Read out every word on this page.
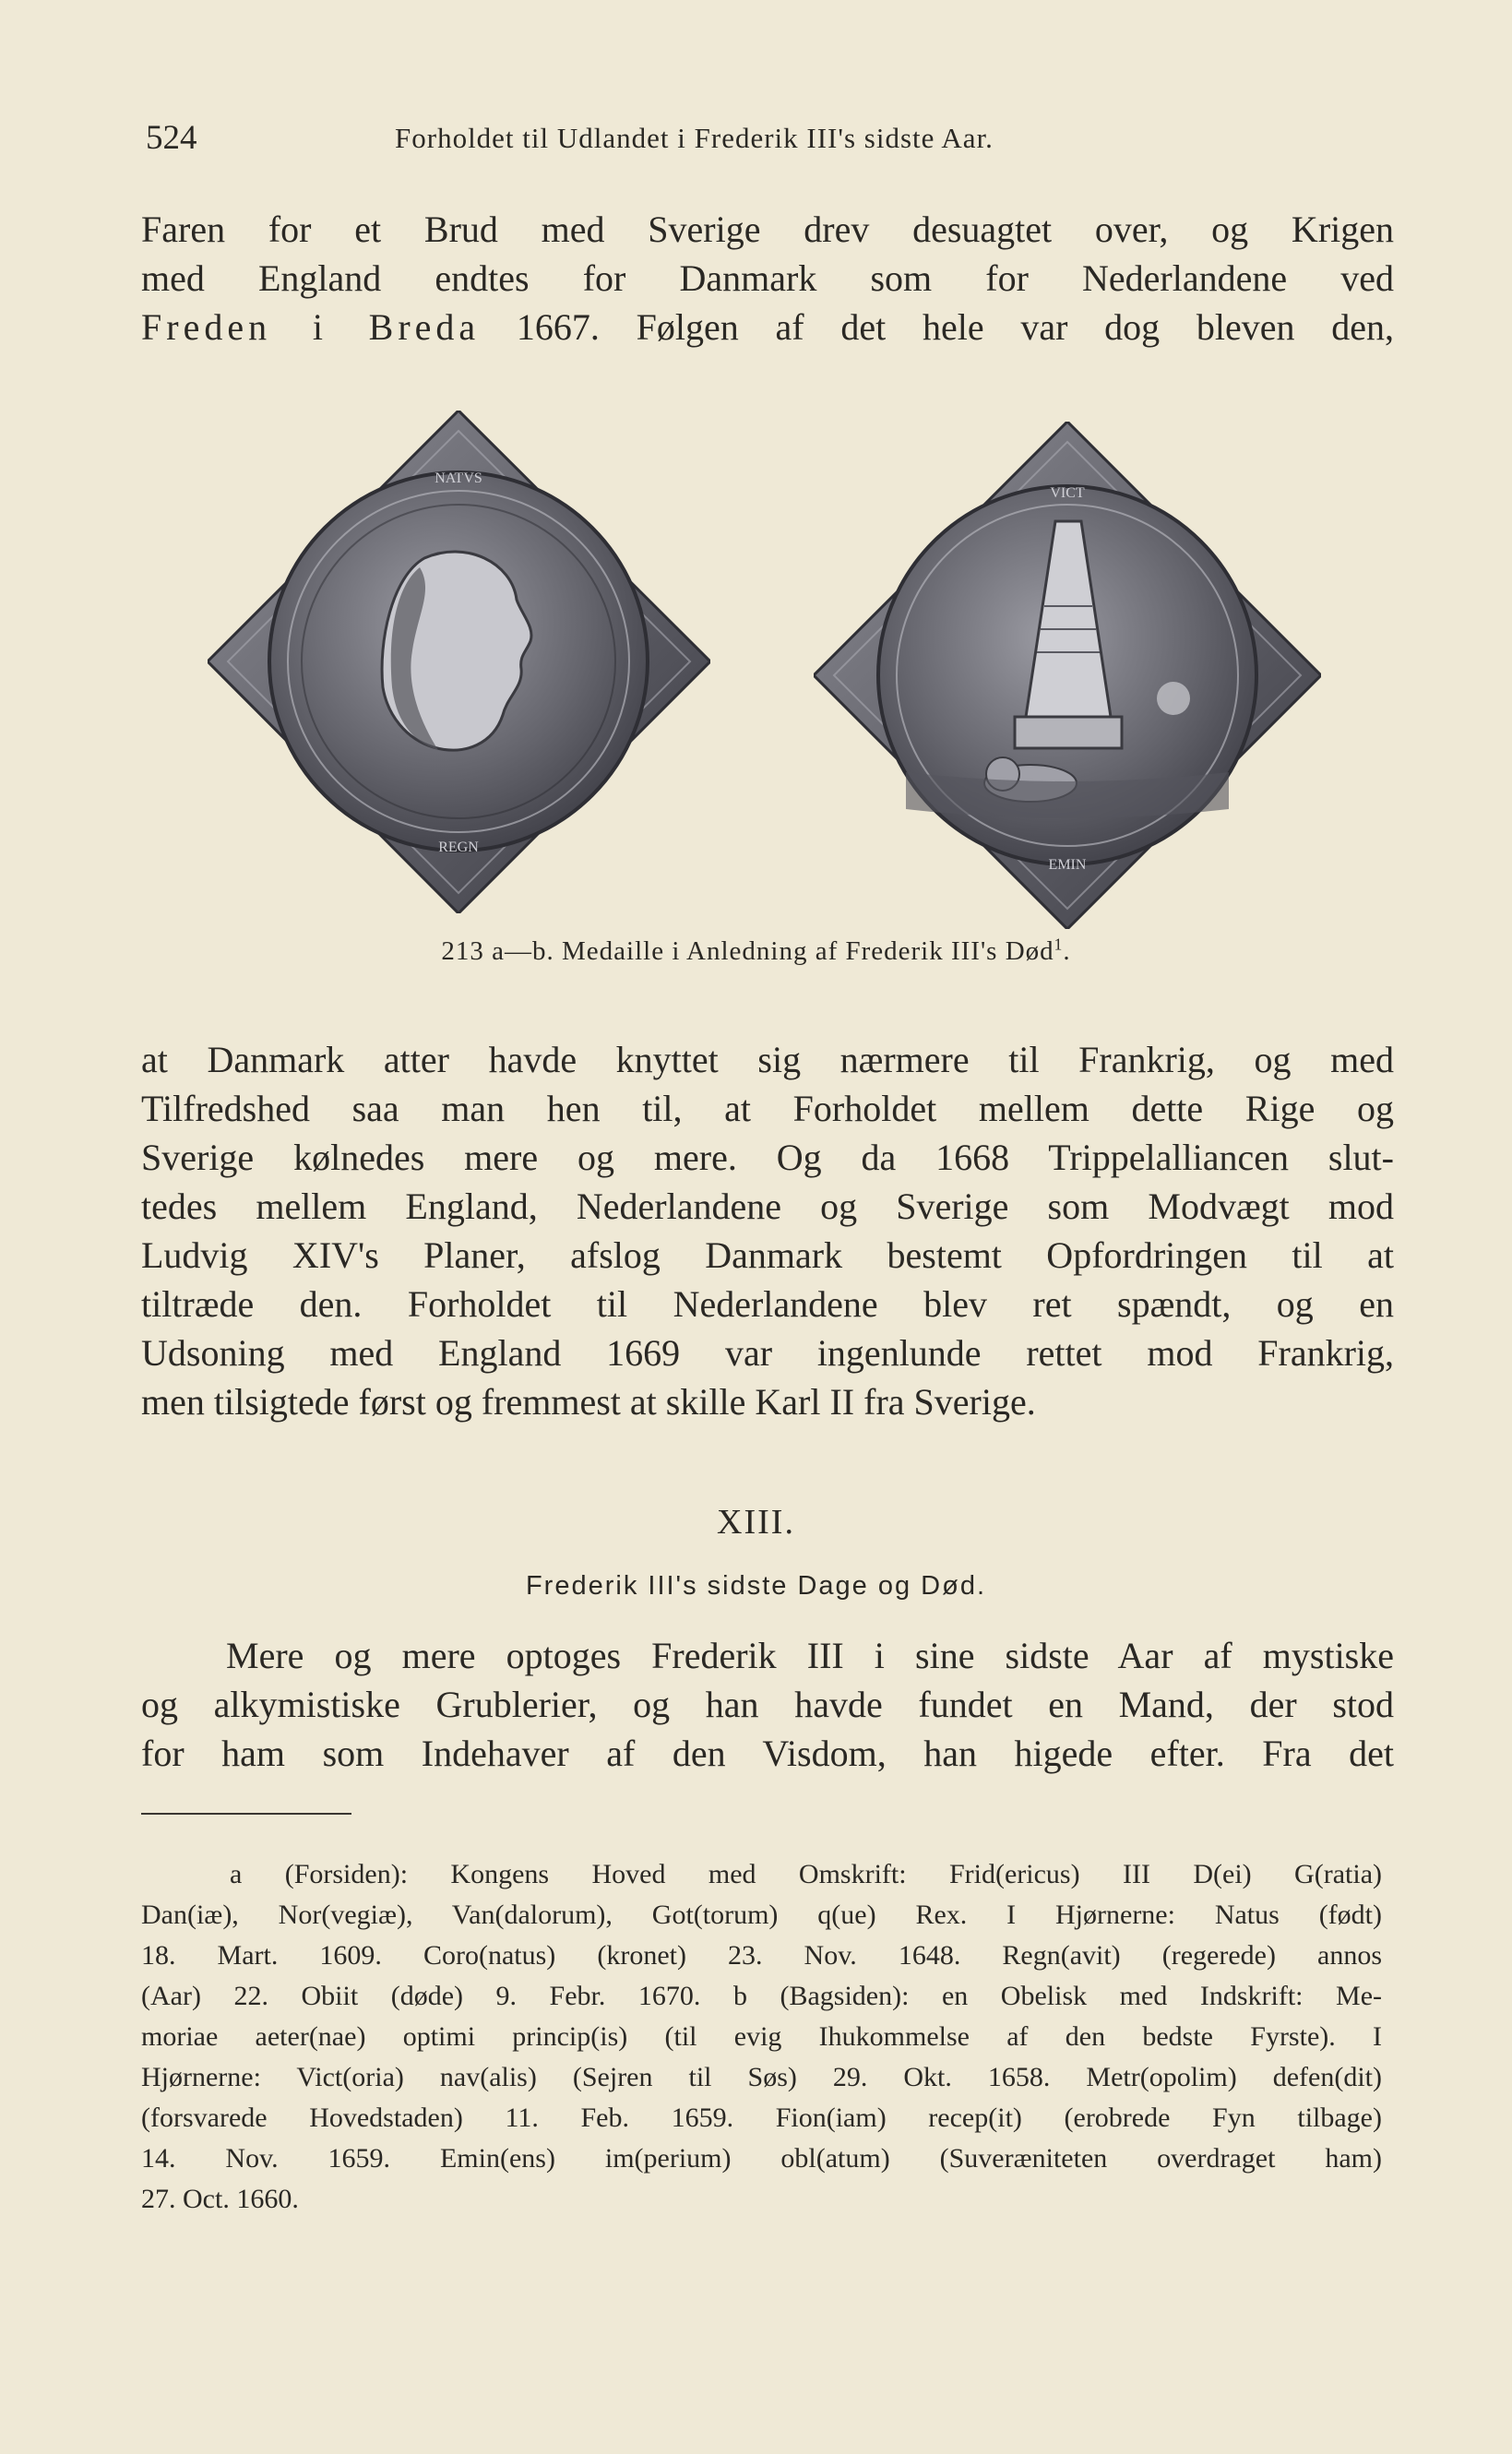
524	Forholdet til Udlandet i Frederik III's sidste Aar.

Faren for et Brud med Sverige drev desuagtet over, og Krigen
med England endtes for Danmark som for Nederlandene ved
Freden i Breda 1667. Følgen af det hele var dog bleven den,

NATVS
REGN
VICT
EMIN
213 a—b. Medaille i Anledning af Frederik III's Død$^1$.

at Danmark atter havde knyttet sig nærmere til Frankrig, og med
Tilfredshed saa man hen til, at Forholdet mellem dette Rige og
Sverige kølnedes mere og mere. Og da 1668 Trippelalliancen slut-
tedes mellem England, Nederlandene og Sverige som Modvægt mod
Ludvig XIV's Planer, afslog Danmark bestemt Opfordringen til at
tiltræde den. Forholdet til Nederlandene blev ret spændt, og en
Udsoning med England 1669 var ingenlunde rettet mod Frankrig,
men tilsigtede først og fremmest at skille Karl II fra Sverige.

XIII.
Frederik III's sidste Dage og Død.

Mere og mere optoges Frederik III i sine sidste Aar af mystiske
og alkymistiske Grublerier, og han havde fundet en Mand, der stod
for ham som Indehaver af den Visdom, han higede efter. Fra det

a (Forsiden): Kongens Hoved med Omskrift: Frid(ericus) III D(ei) G(ratia)
Dan(iæ), Nor(vegiæ), Van(dalorum), Got(torum) q(ue) Rex. I Hjørnerne: Natus (født)
18. Mart. 1609. Coro(natus) (kronet) 23. Nov. 1648. Regn(avit) (regerede) annos
(Aar) 22. Obiit (døde) 9. Febr. 1670. b (Bagsiden): en Obelisk med Indskrift: Me-
moriae aeter(nae) optimi princip(is) (til evig Ihukommelse af den bedste Fyrste). I
Hjørnerne: Vict(oria) nav(alis) (Sejren til Søs) 29. Okt. 1658. Metr(opolim) defen(dit)
(forsvarede Hovedstaden) 11. Feb. 1659. Fion(iam) recep(it) (erobrede Fyn tilbage)
14. Nov. 1659. Emin(ens) im(perium) obl(atum) (Suveræniteten overdraget ham)
27. Oct. 1660.
